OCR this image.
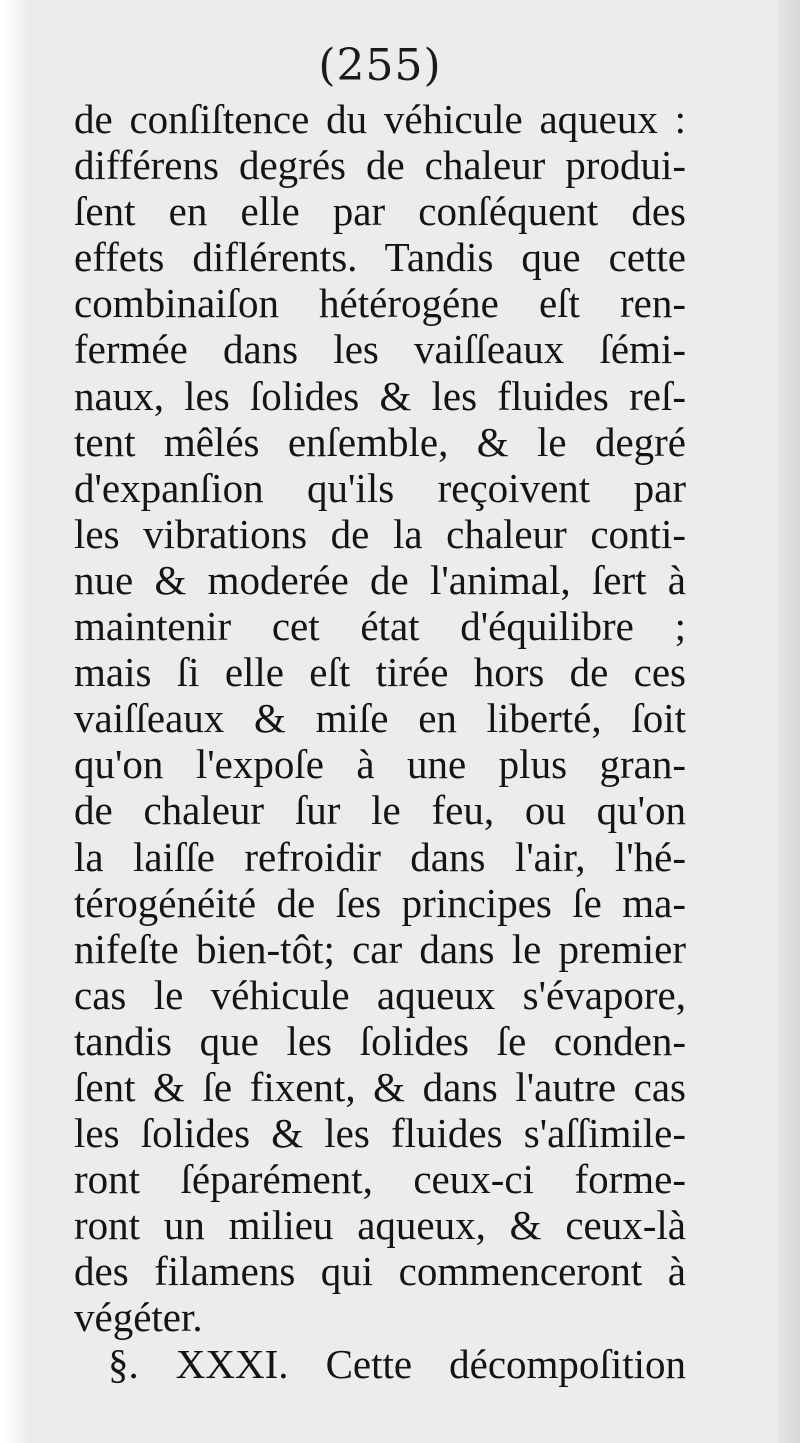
(255)
de conſiſtence du véhicule aqueux :
différens degrés de chaleur produi-
ſent en elle par conſéquent des
effets diflérents. Tandis que cette
combinaiſon hétérogéne eſt ren-
fermée dans les vaiſſeaux ſémi-
naux, les ſolides & les fluides reſ-
tent mêlés enſemble, & le degré
d'expanſion qu'ils reçoivent par
les vibrations de la chaleur conti-
nue & moderée de l'animal, ſert à
maintenir cet état d'équilibre ;
mais ſi elle eſt tirée hors de ces
vaiſſeaux & miſe en liberté, ſoit
qu'on l'expoſe à une plus gran-
de chaleur ſur le feu, ou qu'on
la laiſſe refroidir dans l'air, l'hé-
térogénéité de ſes principes ſe ma-
nifeſte bien-tôt; car dans le premier
cas le véhicule aqueux s'évapore,
tandis que les ſolides ſe conden-
ſent & ſe fixent, & dans l'autre cas
les ſolides & les fluides s'aſſimile-
ront ſéparément, ceux-ci forme-
ront un milieu aqueux, & ceux-là
des filamens qui commenceront à
végéter.
§. XXXI. Cette décompoſition
